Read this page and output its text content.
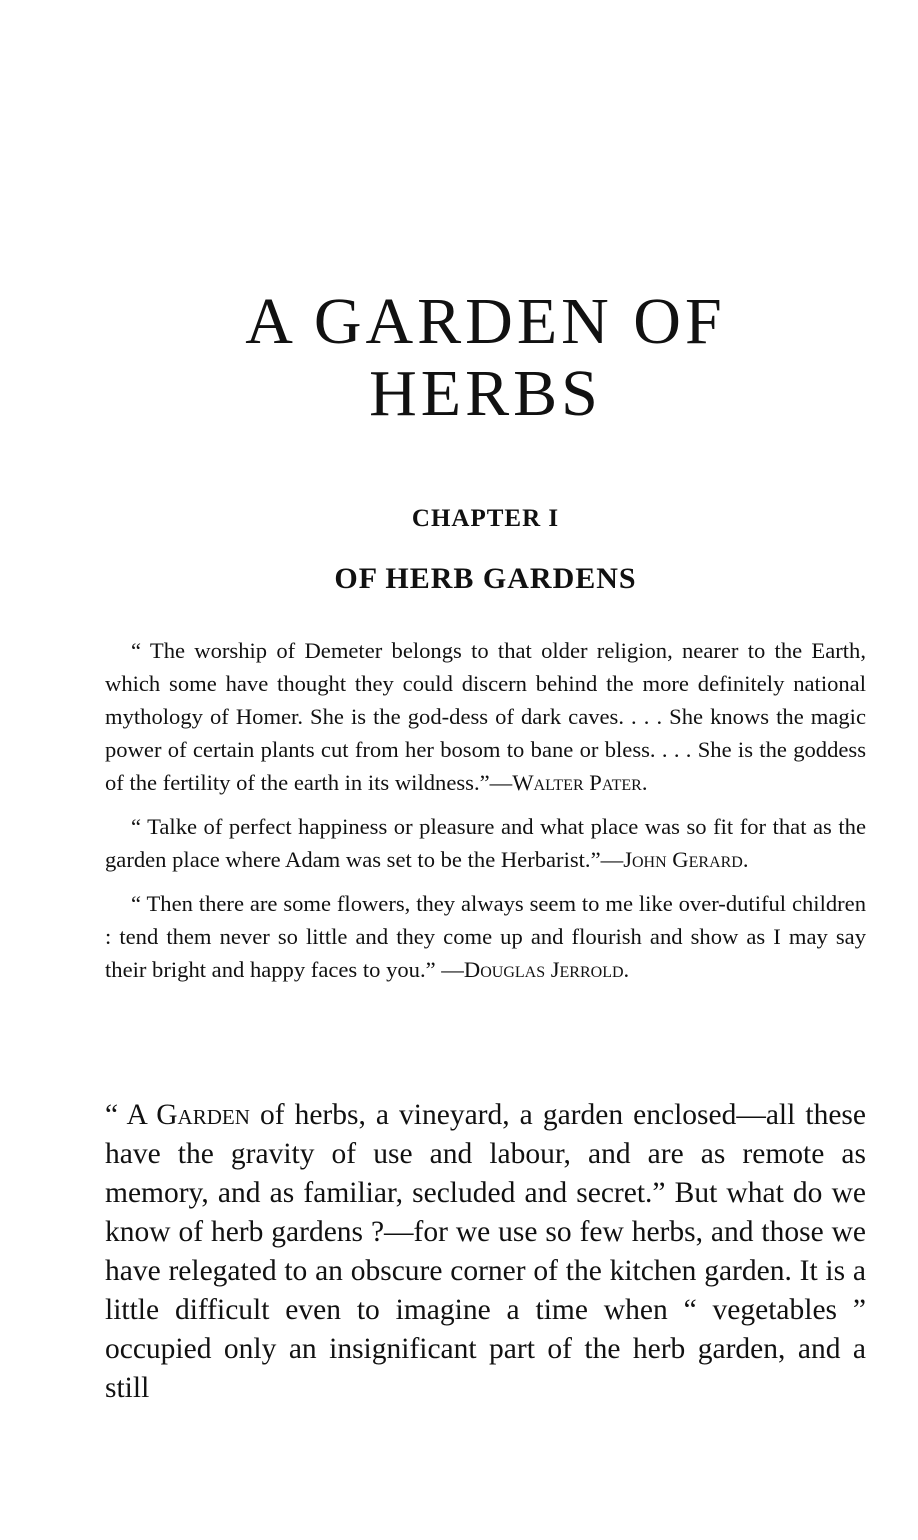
A GARDEN OF
HERBS
CHAPTER I
OF HERB GARDENS

“ The worship of Demeter belongs to that older religion, nearer to the Earth, which some have thought they could discern behind the more definitely national mythology of Homer. She is the god-dess of dark caves. . . . She knows the magic power of certain plants cut from her bosom to bane or bless. . . . She is the goddess of the fertility of the earth in its wildness.”—Walter Pater.

“ Talke of perfect happiness or pleasure and what place was so fit for that as the garden place where Adam was set to be the Herbarist.”—John Gerard.

“ Then there are some flowers, they always seem to me like over-dutiful children : tend them never so little and they come up and flourish and show as I may say their bright and happy faces to you.” —Douglas Jerrold.

“ A Garden of herbs, a vineyard, a garden enclosed—all these have the gravity of use and labour, and are as remote as memory, and as familiar, secluded and secret.” But what do we know of herb gardens ?—for we use so few herbs, and those we have relegated to an obscure corner of the kitchen garden. It is a little difficult even to imagine a time when “ vegetables ” occupied only an insignificant part of the herb garden, and a still
